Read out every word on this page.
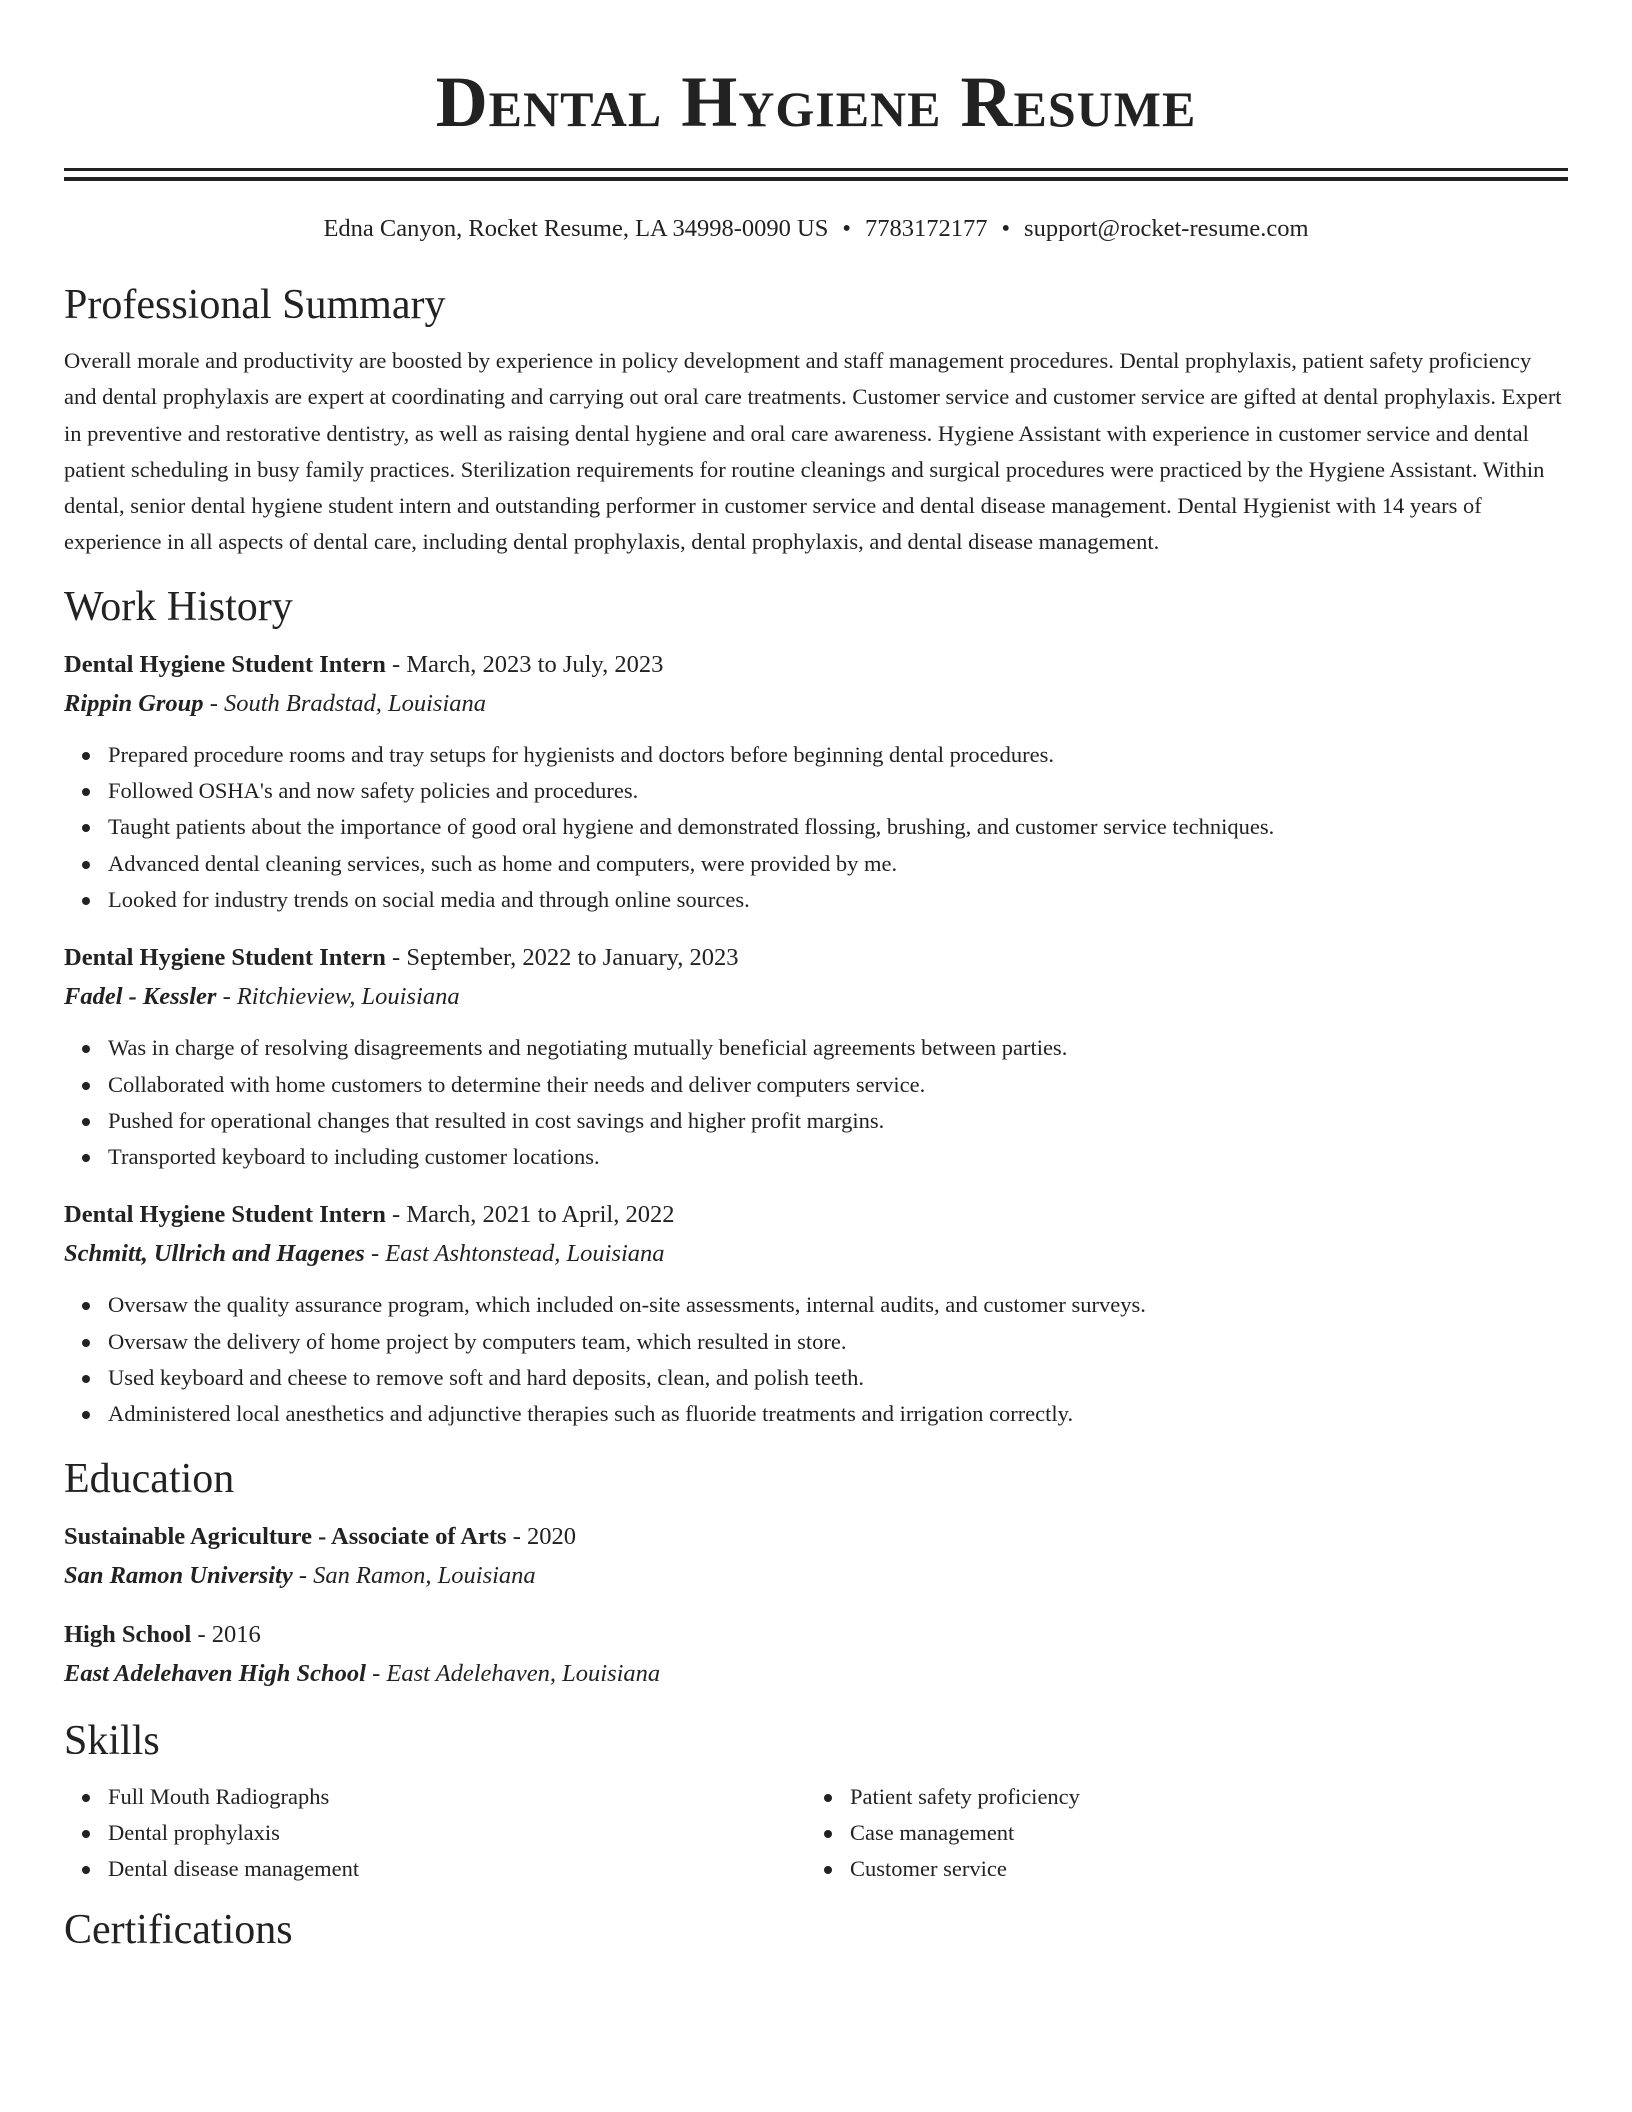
Dental Hygiene Resume
Edna Canyon, Rocket Resume, LA 34998-0090 US • 7783172177 • support@rocket-resume.com
Professional Summary
Overall morale and productivity are boosted by experience in policy development and staff management procedures. Dental prophylaxis, patient safety proficiency and dental prophylaxis are expert at coordinating and carrying out oral care treatments. Customer service and customer service are gifted at dental prophylaxis. Expert in preventive and restorative dentistry, as well as raising dental hygiene and oral care awareness. Hygiene Assistant with experience in customer service and dental patient scheduling in busy family practices. Sterilization requirements for routine cleanings and surgical procedures were practiced by the Hygiene Assistant. Within dental, senior dental hygiene student intern and outstanding performer in customer service and dental disease management. Dental Hygienist with 14 years of experience in all aspects of dental care, including dental prophylaxis, dental prophylaxis, and dental disease management.
Work History
Dental Hygiene Student Intern - March, 2023 to July, 2023
Rippin Group - South Bradstad, Louisiana
Prepared procedure rooms and tray setups for hygienists and doctors before beginning dental procedures.
Followed OSHA's and now safety policies and procedures.
Taught patients about the importance of good oral hygiene and demonstrated flossing, brushing, and customer service techniques.
Advanced dental cleaning services, such as home and computers, were provided by me.
Looked for industry trends on social media and through online sources.
Dental Hygiene Student Intern - September, 2022 to January, 2023
Fadel - Kessler - Ritchieview, Louisiana
Was in charge of resolving disagreements and negotiating mutually beneficial agreements between parties.
Collaborated with home customers to determine their needs and deliver computers service.
Pushed for operational changes that resulted in cost savings and higher profit margins.
Transported keyboard to including customer locations.
Dental Hygiene Student Intern - March, 2021 to April, 2022
Schmitt, Ullrich and Hagenes - East Ashtonstead, Louisiana
Oversaw the quality assurance program, which included on-site assessments, internal audits, and customer surveys.
Oversaw the delivery of home project by computers team, which resulted in store.
Used keyboard and cheese to remove soft and hard deposits, clean, and polish teeth.
Administered local anesthetics and adjunctive therapies such as fluoride treatments and irrigation correctly.
Education
Sustainable Agriculture - Associate of Arts - 2020
San Ramon University - San Ramon, Louisiana
High School - 2016
East Adelehaven High School - East Adelehaven, Louisiana
Skills
Full Mouth Radiographs
Dental prophylaxis
Dental disease management
Patient safety proficiency
Case management
Customer service
Certifications
